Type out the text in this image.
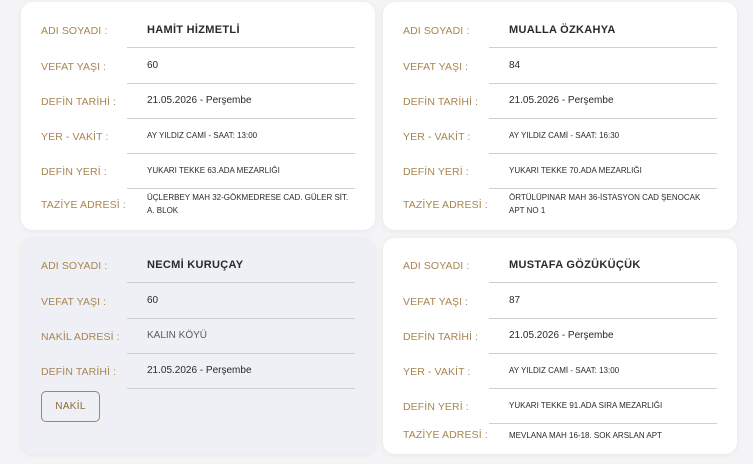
ADI SOYADI :	HAMİT HİZMETLİ
VEFAT YAŞI :	60
DEFİN TARİHİ :	21.05.2026 - Perşembe
YER - VAKİT :	AY YILDIZ CAMİ - SAAT: 13:00
DEFİN YERİ :	YUKARI TEKKE 63.ADA MEZARLIĞI
TAZİYE ADRESİ :
ÜÇLERBEY MAH 32-GÖKMEDRESE CAD. GÜLER SİT. A. BLOK
ADI SOYADI :	MUALLA ÖZKAHYA
VEFAT YAŞI :	84
DEFİN TARİHİ :	21.05.2026 - Perşembe
YER - VAKİT :	AY YILDIZ CAMİ - SAAT: 16:30
DEFİN YERİ :	YUKARI TEKKE 70.ADA MEZARLIĞI
TAZİYE ADRESİ :
ÖRTÜLÜPINAR MAH 36-İSTASYON CAD ŞENOCAK APT NO 1
ADI SOYADI :	NECMİ KURUÇAY
VEFAT YAŞI :	60
NAKİL ADRESİ :	KALIN KÖYÜ
DEFİN TARİHİ :	21.05.2026 - Perşembe
NAKİL
ADI SOYADI :	MUSTAFA GÖZÜKÜÇÜK
VEFAT YAŞI :	87
DEFİN TARİHİ :	21.05.2026 - Perşembe
YER - VAKİT :	AY YILDIZ CAMİ - SAAT: 13:00
DEFİN YERİ :	YUKARI TEKKE 91.ADA SIRA MEZARLIĞI
TAZİYE ADRESİ :	MEVLANA MAH 16-18. SOK ARSLAN APT
